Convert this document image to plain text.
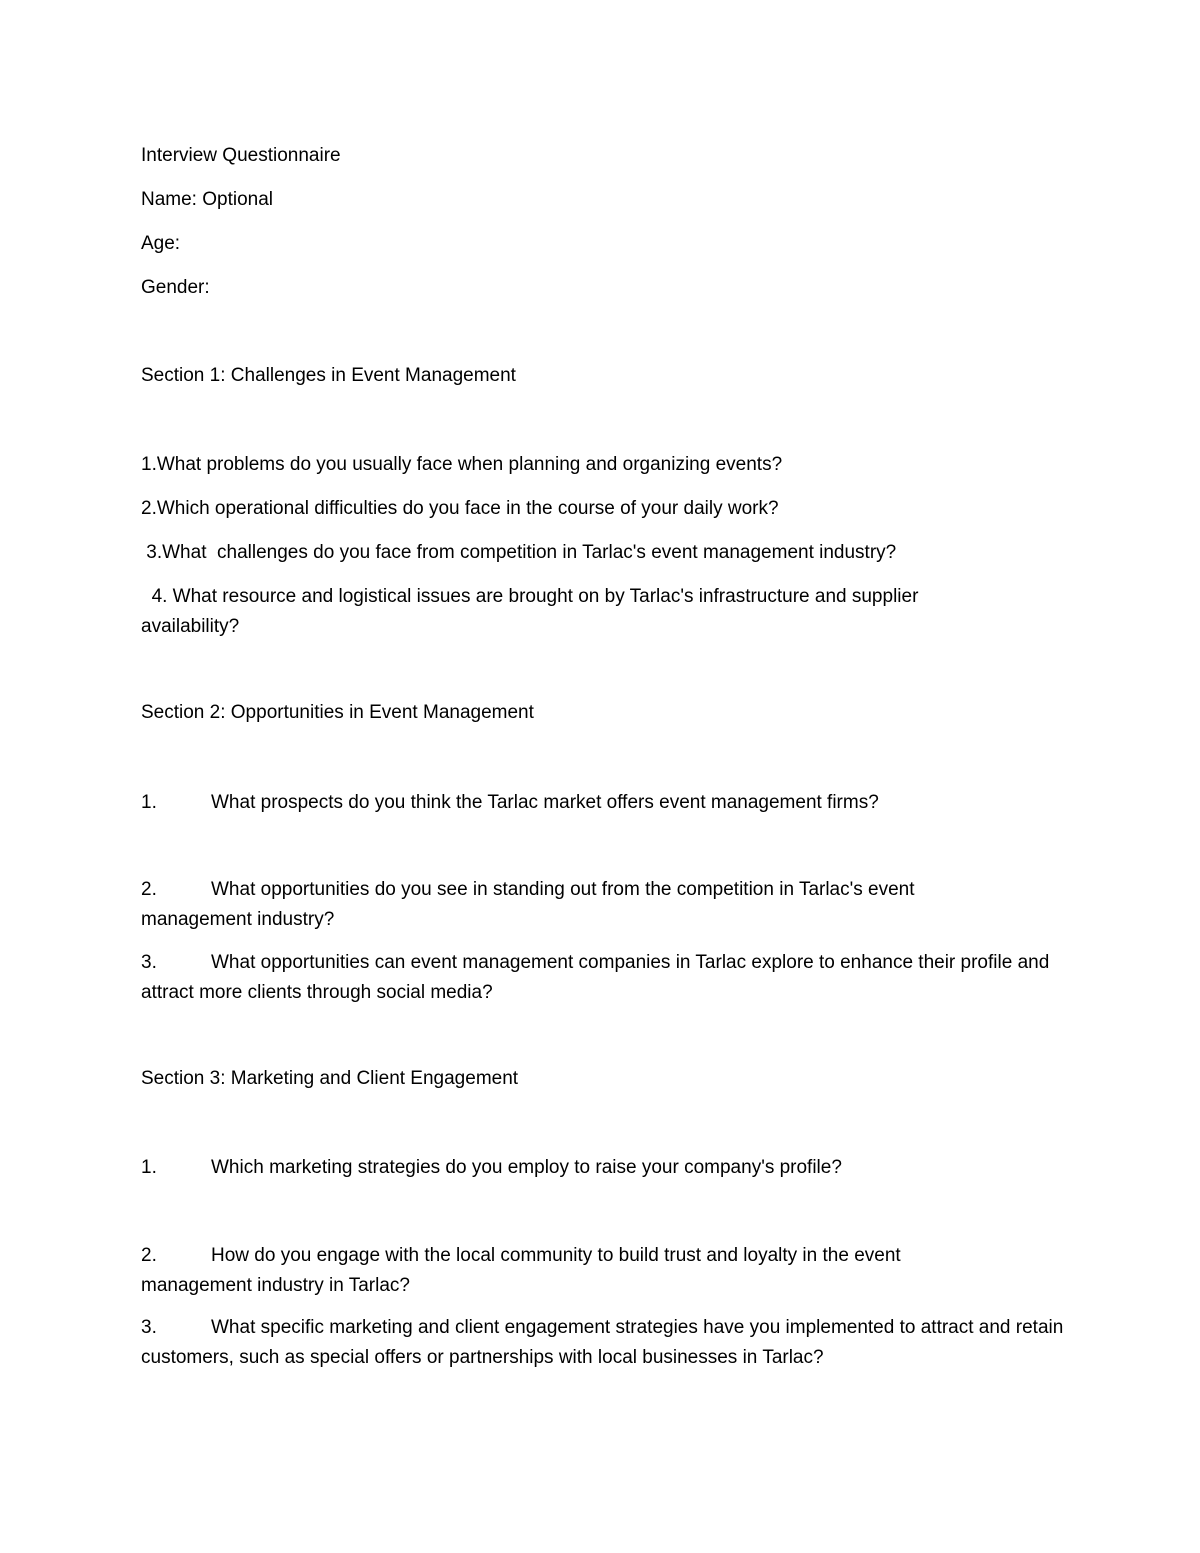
Interview Questionnaire
Name: Optional
Age:
Gender:
Section 1: Challenges in Event Management
1.What problems do you usually face when planning and organizing events?
2.Which operational difficulties do you face in the course of your daily work?
3.What  challenges do you face from competition in Tarlac's event management industry?
4. What resource and logistical issues are brought on by Tarlac's infrastructure and supplier availability?
Section 2: Opportunities in Event Management
1.	What prospects do you think the Tarlac market offers event management firms?
2.	What opportunities do you see in standing out from the competition in Tarlac's event management industry?
3.	What opportunities can event management companies in Tarlac explore to enhance their profile and attract more clients through social media?
Section 3: Marketing and Client Engagement
1.	Which marketing strategies do you employ to raise your company's profile?
2.	How do you engage with the local community to build trust and loyalty in the event management industry in Tarlac?
3.	What specific marketing and client engagement strategies have you implemented to attract and retain customers, such as special offers or partnerships with local businesses in Tarlac?
